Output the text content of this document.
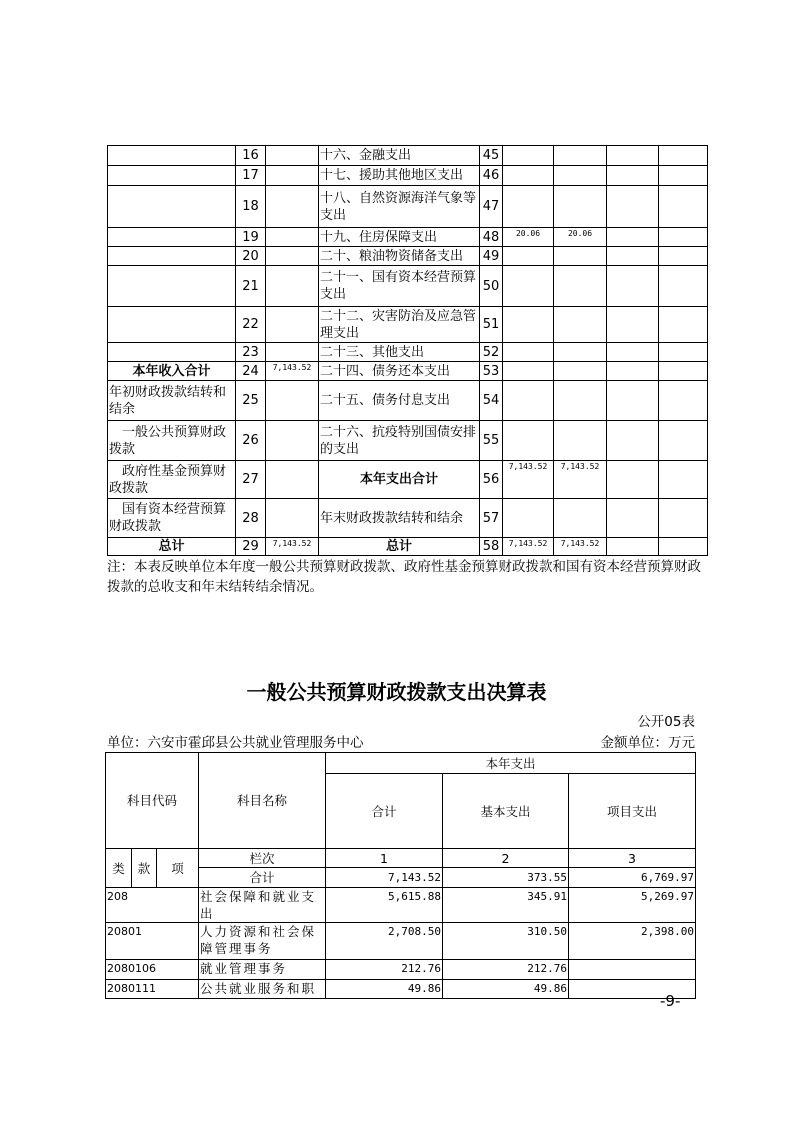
	16		十六、金融支出	45				
	17		十七、援助其他地区支出	46				
	18		十八、自然资源海洋气象等支出	47				
	19		十九、住房保障支出	48	20.06	20.06		
	20		二十、粮油物资储备支出	49				
	21		二十一、国有资本经营预算支出	50				
	22		二十二、灾害防治及应急管理支出	51				
	23		二十三、其他支出	52				
本年收入合计	24	7,143.52	二十四、债务还本支出	53				
年初财政拨款结转和结余	25		二十五、债务付息支出	54				
　一般公共预算财政拨款	26		二十六、抗疫特别国债安排的支出	55				
　政府性基金预算财政拨款	27		本年支出合计	56	7,143.52	7,143.52		
　国有资本经营预算财政拨款	28		年末财政拨款结转和结余	57				
总计	29	7,143.52	总计	58	7,143.52	7,143.52		
注：本表反映单位本年度一般公共预算财政拨款、政府性基金预算财政拨款和国有资本经营预算财政拨款的总收支和年末结转结余情况。
一般公共预算财政拨款支出决算表
公开05表
单位：六安市霍邱县公共就业管理服务中心	金额单位：万元
科目代码			科目名称	本年支出		
				合计	基本支出	项目支出
类	款	项	栏次	1	2	3
			合计	7,143.52	373.55	6,769.97
208			社会保障和就业支出	5,615.88	345.91	5,269.97
20801			人力资源和社会保障管理事务	2,708.50	310.50	2,398.00
2080106			就业管理事务	212.76	212.76	
2080111			公共就业服务和职	49.86	49.86	
-9-
